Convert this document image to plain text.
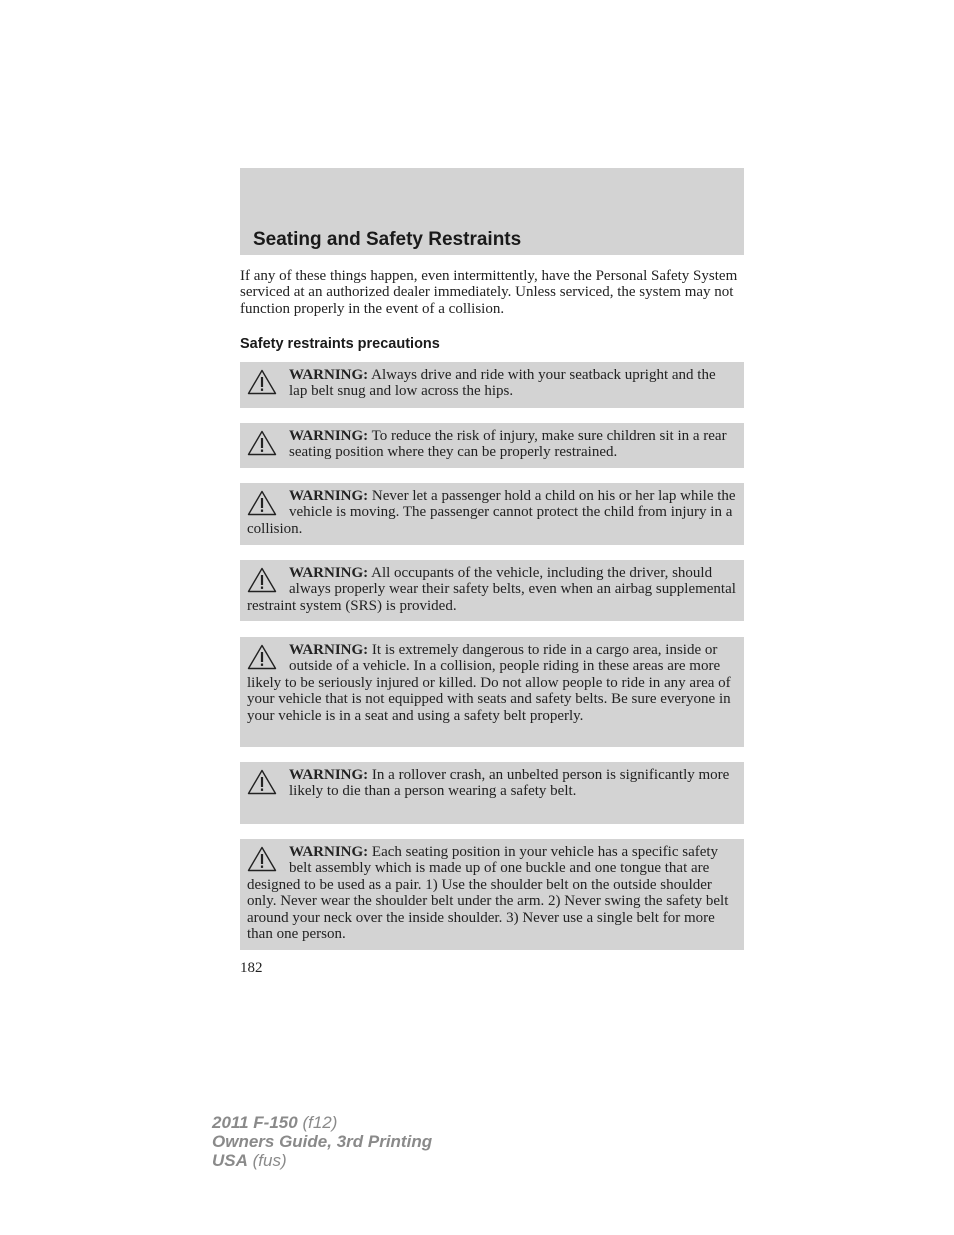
Seating and Safety Restraints

If any of these things happen, even intermittently, have the Personal Safety System serviced at an authorized dealer immediately. Unless serviced, the system may not function properly in the event of a collision.

Safety restraints precautions
WARNING: Always drive and ride with your seatback upright and the lap belt snug and low across the hips.
WARNING: To reduce the risk of injury, make sure children sit in a rear seating position where they can be properly restrained.
WARNING: Never let a passenger hold a child on his or her lap while the vehicle is moving. The passenger cannot protect the child from injury in a collision.
WARNING: All occupants of the vehicle, including the driver, should always properly wear their safety belts, even when an airbag supplemental restraint system (SRS) is provided.
WARNING: It is extremely dangerous to ride in a cargo area, inside or outside of a vehicle. In a collision, people riding in these areas are more likely to be seriously injured or killed. Do not allow people to ride in any area of your vehicle that is not equipped with seats and safety belts. Be sure everyone in your vehicle is in a seat and using a safety belt properly.
WARNING: In a rollover crash, an unbelted person is significantly more likely to die than a person wearing a safety belt.
WARNING: Each seating position in your vehicle has a specific safety belt assembly which is made up of one buckle and one tongue that are designed to be used as a pair. 1) Use the shoulder belt on the outside shoulder only. Never wear the shoulder belt under the arm. 2) Never swing the safety belt around your neck over the inside shoulder. 3) Never use a single belt for more than one person.

182

2011 F-150 (f12)
Owners Guide, 3rd Printing
USA (fus)
